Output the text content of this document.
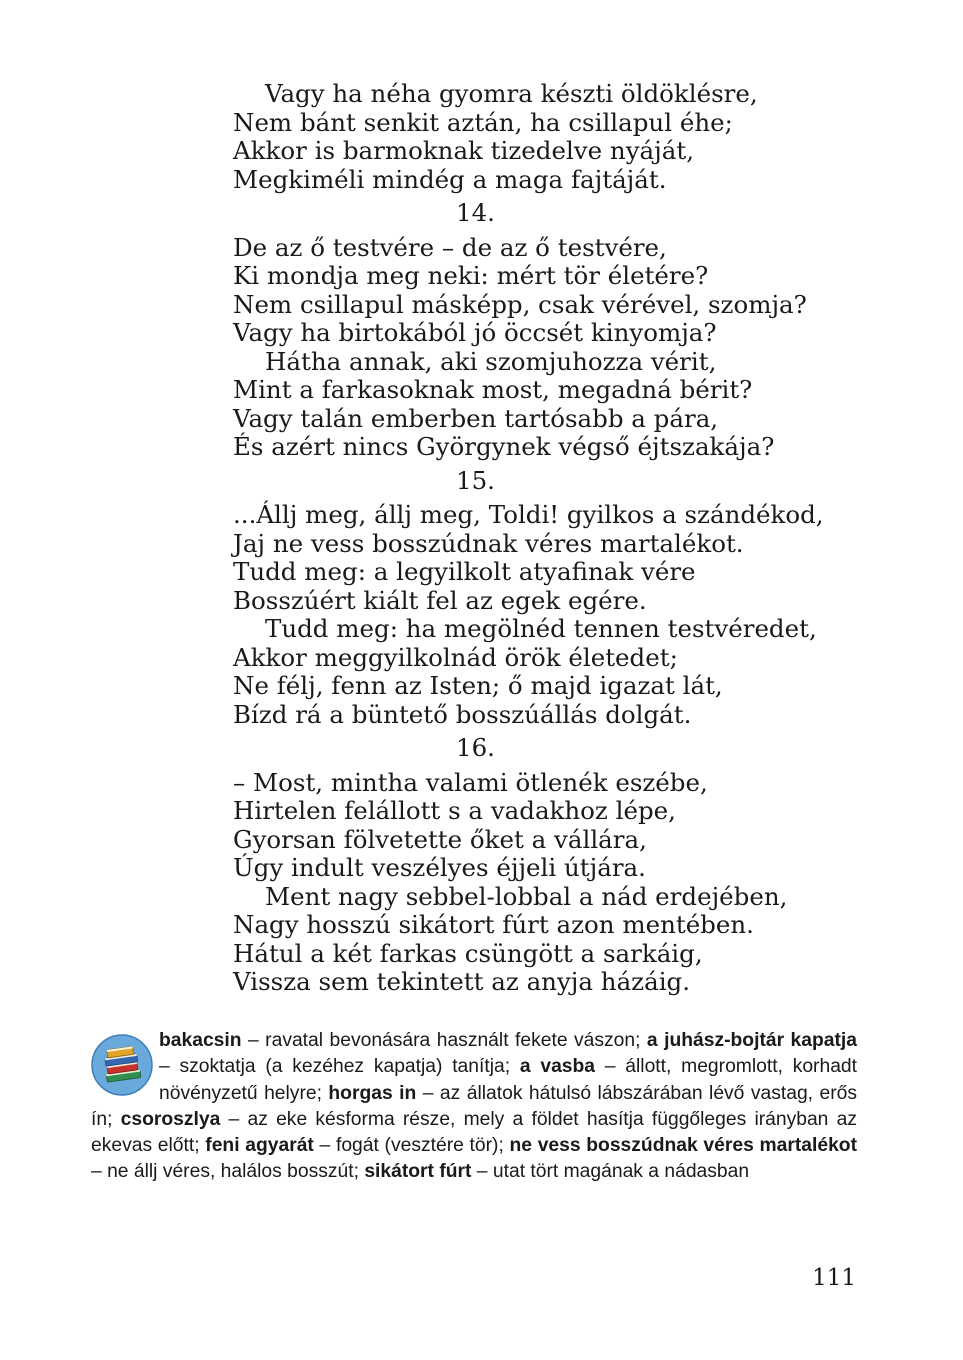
Vagy ha néha gyomra készti öldöklésre,
Nem bánt senkit aztán, ha csillapul éhe;
Akkor is barmoknak tizedelve nyáját,
Megkiméli mindég a maga fajtáját.
14.
De az ő testvére – de az ő testvére,
Ki mondja meg neki: mért tör életére?
Nem csillapul másképp, csak vérével, szomja?
Vagy ha birtokából jó öccsét kinyomja?
Hátha annak, aki szomjuhozza vérit,
Mint a farkasoknak most, megadná bérit?
Vagy talán emberben tartósabb a pára,
És azért nincs Györgynek végső éjtszakája?
15.
...Állj meg, állj meg, Toldi! gyilkos a szándékod,
Jaj ne vess bosszúdnak véres martalékot.
Tudd meg: a legyilkolt atyafinak vére
Bosszúért kiált fel az egek egére.
Tudd meg: ha megölnéd tennen testvéredet,
Akkor meggyilkolnád örök életedet;
Ne félj, fenn az Isten; ő majd igazat lát,
Bízd rá a büntető bosszúállás dolgát.
16.
– Most, mintha valami ötlenék eszébe,
Hirtelen felállott s a vadakhoz lépe,
Gyorsan fölvetette őket a vállára,
Úgy indult veszélyes éjjeli útjára.
Ment nagy sebbel-lobbal a nád erdejében,
Nagy hosszú sikátort fúrt azon mentében.
Hátul a két farkas csüngött a sarkáig,
Vissza sem tekintett az anyja házáig.
bakacsin – ravatal bevonására használt fekete vászon; a juhász-bojtár kapatja – szoktatja (a kezéhez kapatja) tanítja; a vasba – állott, megromlott, korhadt növényzetű helyre; horgas in – az állatok hátulsó lábszárában lévő vastag, erős ín; csoroszlya – az eke késforma része, mely a földet hasítja függőleges irányban az ekevas előtt; feni agyarát – fogát (vesztére tör); ne vess bosszúdnak véres martalékot – ne állj véres, halálos bosszút; sikátort fúrt – utat tört magának a nádasban
111
